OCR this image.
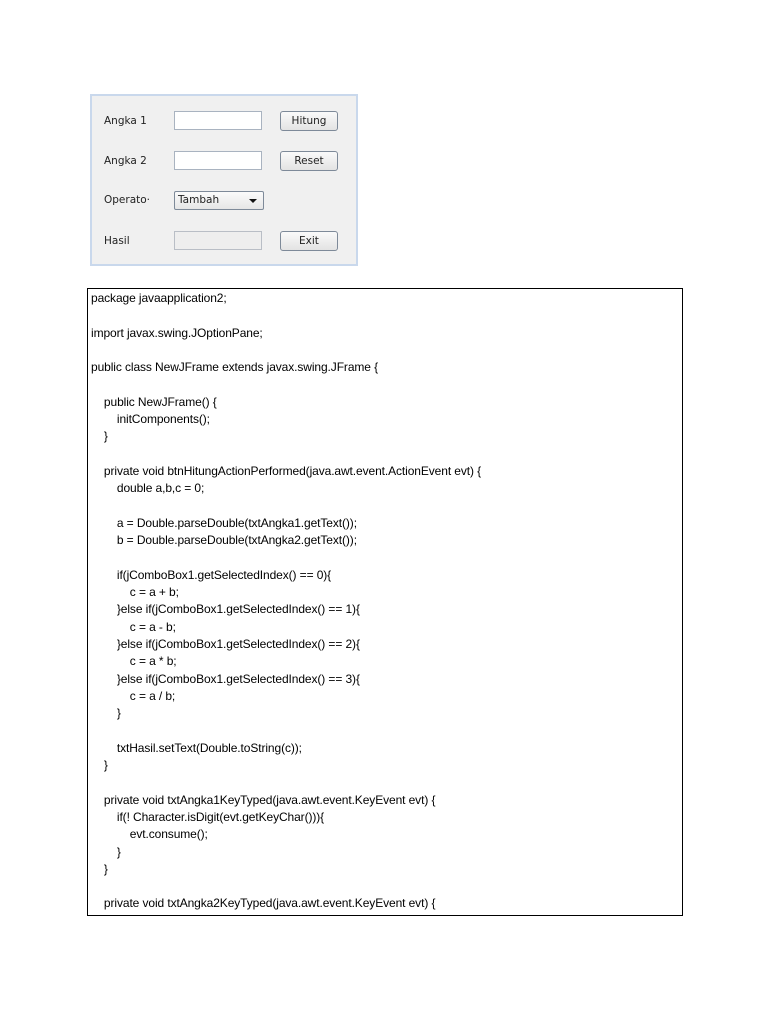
Angka 1	Hitung
Angka 2	Reset
Operato·	Tambah
Hasil	Exit
package javaapplication2;
import javax.swing.JOptionPane;
public class NewJFrame extends javax.swing.JFrame {
public NewJFrame() {
initComponents();
}
private void btnHitungActionPerformed(java.awt.event.ActionEvent evt) {
double a,b,c = 0;
a = Double.parseDouble(txtAngka1.getText());
b = Double.parseDouble(txtAngka2.getText());
if(jComboBox1.getSelectedIndex() == 0){
c = a + b;
}else if(jComboBox1.getSelectedIndex() == 1){
c = a - b;
}else if(jComboBox1.getSelectedIndex() == 2){
c = a * b;
}else if(jComboBox1.getSelectedIndex() == 3){
c = a / b;
}
txtHasil.setText(Double.toString(c));
}
private void txtAngka1KeyTyped(java.awt.event.KeyEvent evt) {
if(! Character.isDigit(evt.getKeyChar())){
evt.consume();
}
}
private void txtAngka2KeyTyped(java.awt.event.KeyEvent evt) {
